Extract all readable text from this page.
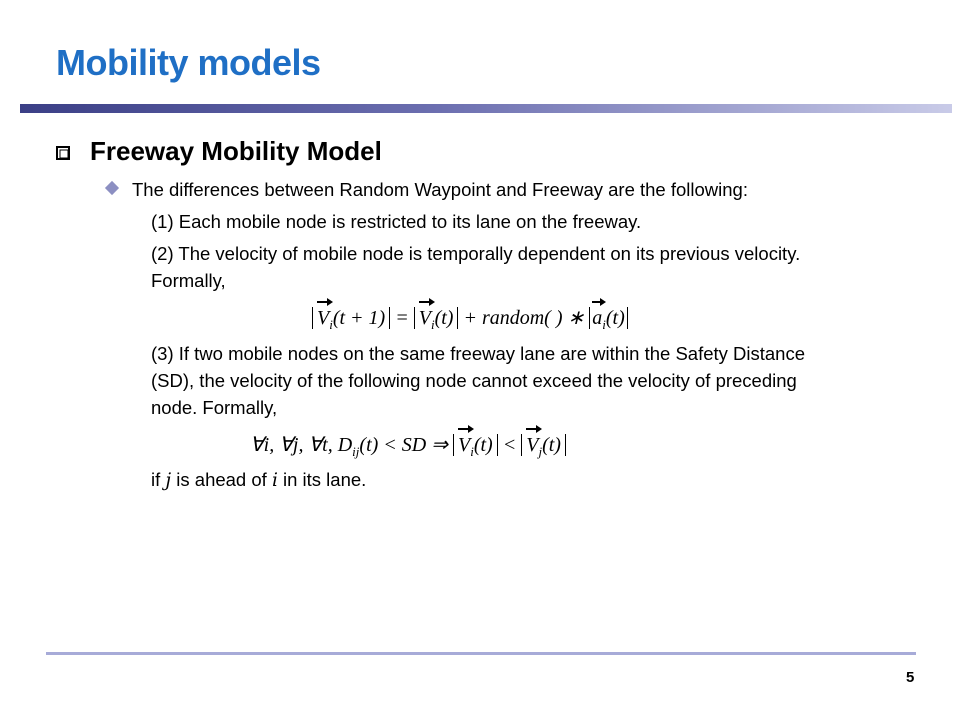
Mobility models
Freeway Mobility Model
The differences between Random Waypoint and Freeway are the following:
(1) Each mobile node is restricted to its lane on the freeway.
(2) The velocity of mobile node is temporally dependent on its previous velocity.
Formally,
V
$_i$(t + 1) = V
$_i$(t) + random( ) ∗ a
$_i$(t)
(3) If two mobile nodes on the same freeway lane are within the Safety Distance
(SD), the velocity of the following node cannot exceed the velocity of preceding
node. Formally,
∀i, ∀j, ∀t, $D_{ij}(t)$ < SD ⇒ V
$_i$(t) < V
$_j$(t)
if j is ahead of i in its lane.
5
